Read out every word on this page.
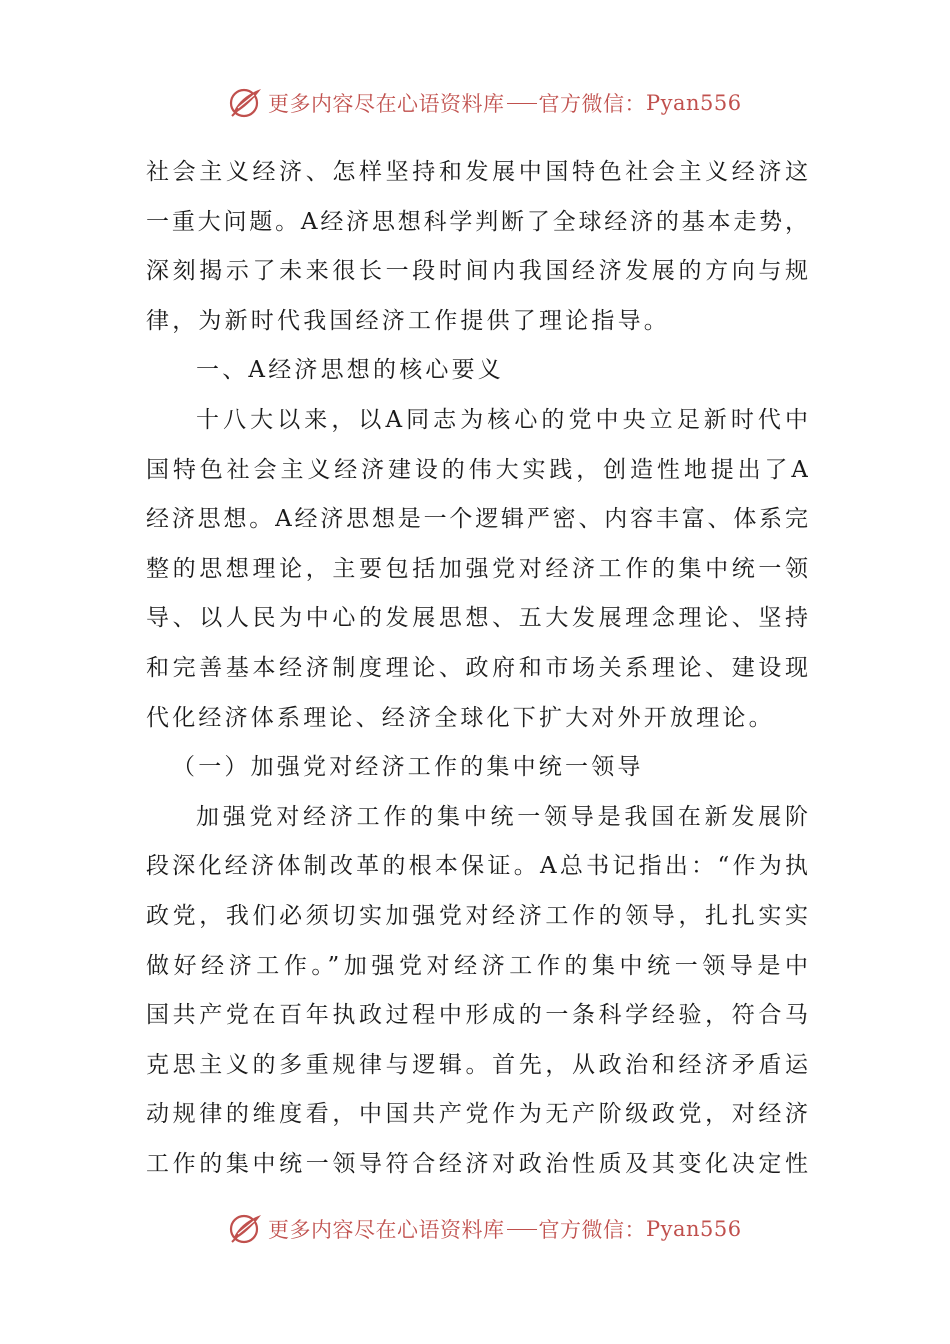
更多内容尽在心语资料库 官方微信： Pyan556
社会主义经济、怎样坚持和发展中国特色社会主义经济这
一重大问题。A经济思想科学判断了全球经济的基本走势，
深刻揭示了未来很长一段时间内我国经济发展的方向与规
律，为新时代我国经济工作提供了理论指导。
一、A经济思想的核心要义
十八大以来，以A同志为核心的党中央立足新时代中
国特色社会主义经济建设的伟大实践，创造性地提出了A
经济思想。A经济思想是一个逻辑严密、内容丰富、体系完
整的思想理论，主要包括加强党对经济工作的集中统一领
导、以人民为中心的发展思想、五大发展理念理论、坚持
和完善基本经济制度理论、政府和市场关系理论、建设现
代化经济体系理论、经济全球化下扩大对外开放理论。
（一）加强党对经济工作的集中统一领导
加强党对经济工作的集中统一领导是我国在新发展阶
段深化经济体制改革的根本保证。A总书记指出：“作为执
政党，我们必须切实加强党对经济工作的领导，扎扎实实
做好经济工作。”加强党对经济工作的集中统一领导是中
国共产党在百年执政过程中形成的一条科学经验，符合马
克思主义的多重规律与逻辑。首先，从政治和经济矛盾运
动规律的维度看，中国共产党作为无产阶级政党，对经济
工作的集中统一领导符合经济对政治性质及其变化决定性
更多内容尽在心语资料库 官方微信： Pyan556
